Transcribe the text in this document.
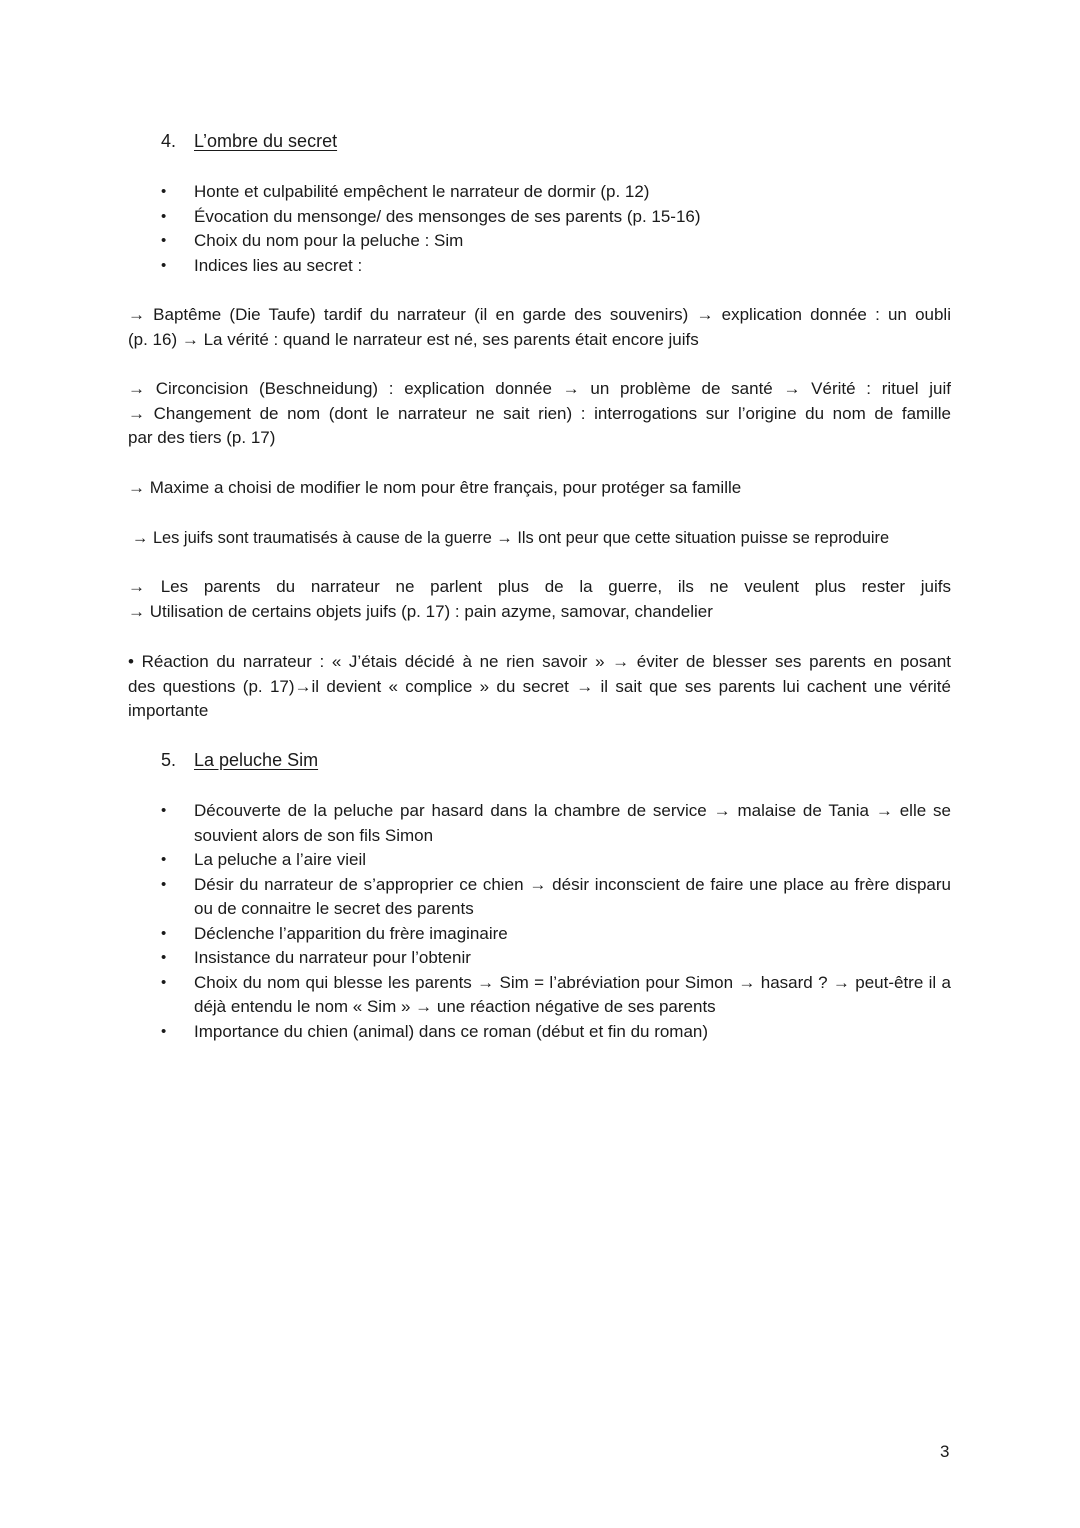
4. L’ombre du secret
• Honte et culpabilité empêchent le narrateur de dormir (p. 12)
• Évocation du mensonge/ des mensonges de ses parents (p. 15-16)
• Choix du nom pour la peluche : Sim
• Indices lies au secret :
→ Baptême (Die Taufe) tardif du narrateur (il en garde des souvenirs) → explication donnée : un oubli
(p. 16) → La vérité : quand le narrateur est né, ses parents était encore juifs
→ Circoncision (Beschneidung) : explication donnée → un problème de santé → Vérité : rituel juif
→ Changement de nom (dont le narrateur ne sait rien) : interrogations sur l’origine du nom de famille
par des tiers (p. 17)
→ Maxime a choisi de modifier le nom pour être français, pour protéger sa famille
→ Les juifs sont traumatisés à cause de la guerre → Ils ont peur que cette situation puisse se reproduire
→ Les parents du narrateur ne parlent plus de la guerre, ils ne veulent plus rester juifs
→ Utilisation de certains objets juifs (p. 17) : pain azyme, samovar, chandelier
• Réaction du narrateur : « J’étais décidé à ne rien savoir » → éviter de blesser ses parents en posant
des questions (p. 17)→il devient « complice » du secret → il sait que ses parents lui cachent une vérité
importante
5. La peluche Sim
• Découverte de la peluche par hasard dans la chambre de service → malaise de Tania → elle se souvient alors de son fils Simon
• La peluche a l’aire vieil
• Désir du narrateur de s’approprier ce chien → désir inconscient de faire une place au frère disparu ou de connaitre le secret des parents
• Déclenche l’apparition du frère imaginaire
• Insistance du narrateur pour l’obtenir
• Choix du nom qui blesse les parents → Sim = l’abréviation pour Simon → hasard ? → peut-être il a déjà entendu le nom « Sim » → une réaction négative de ses parents
• Importance du chien (animal) dans ce roman (début et fin du roman)
3
